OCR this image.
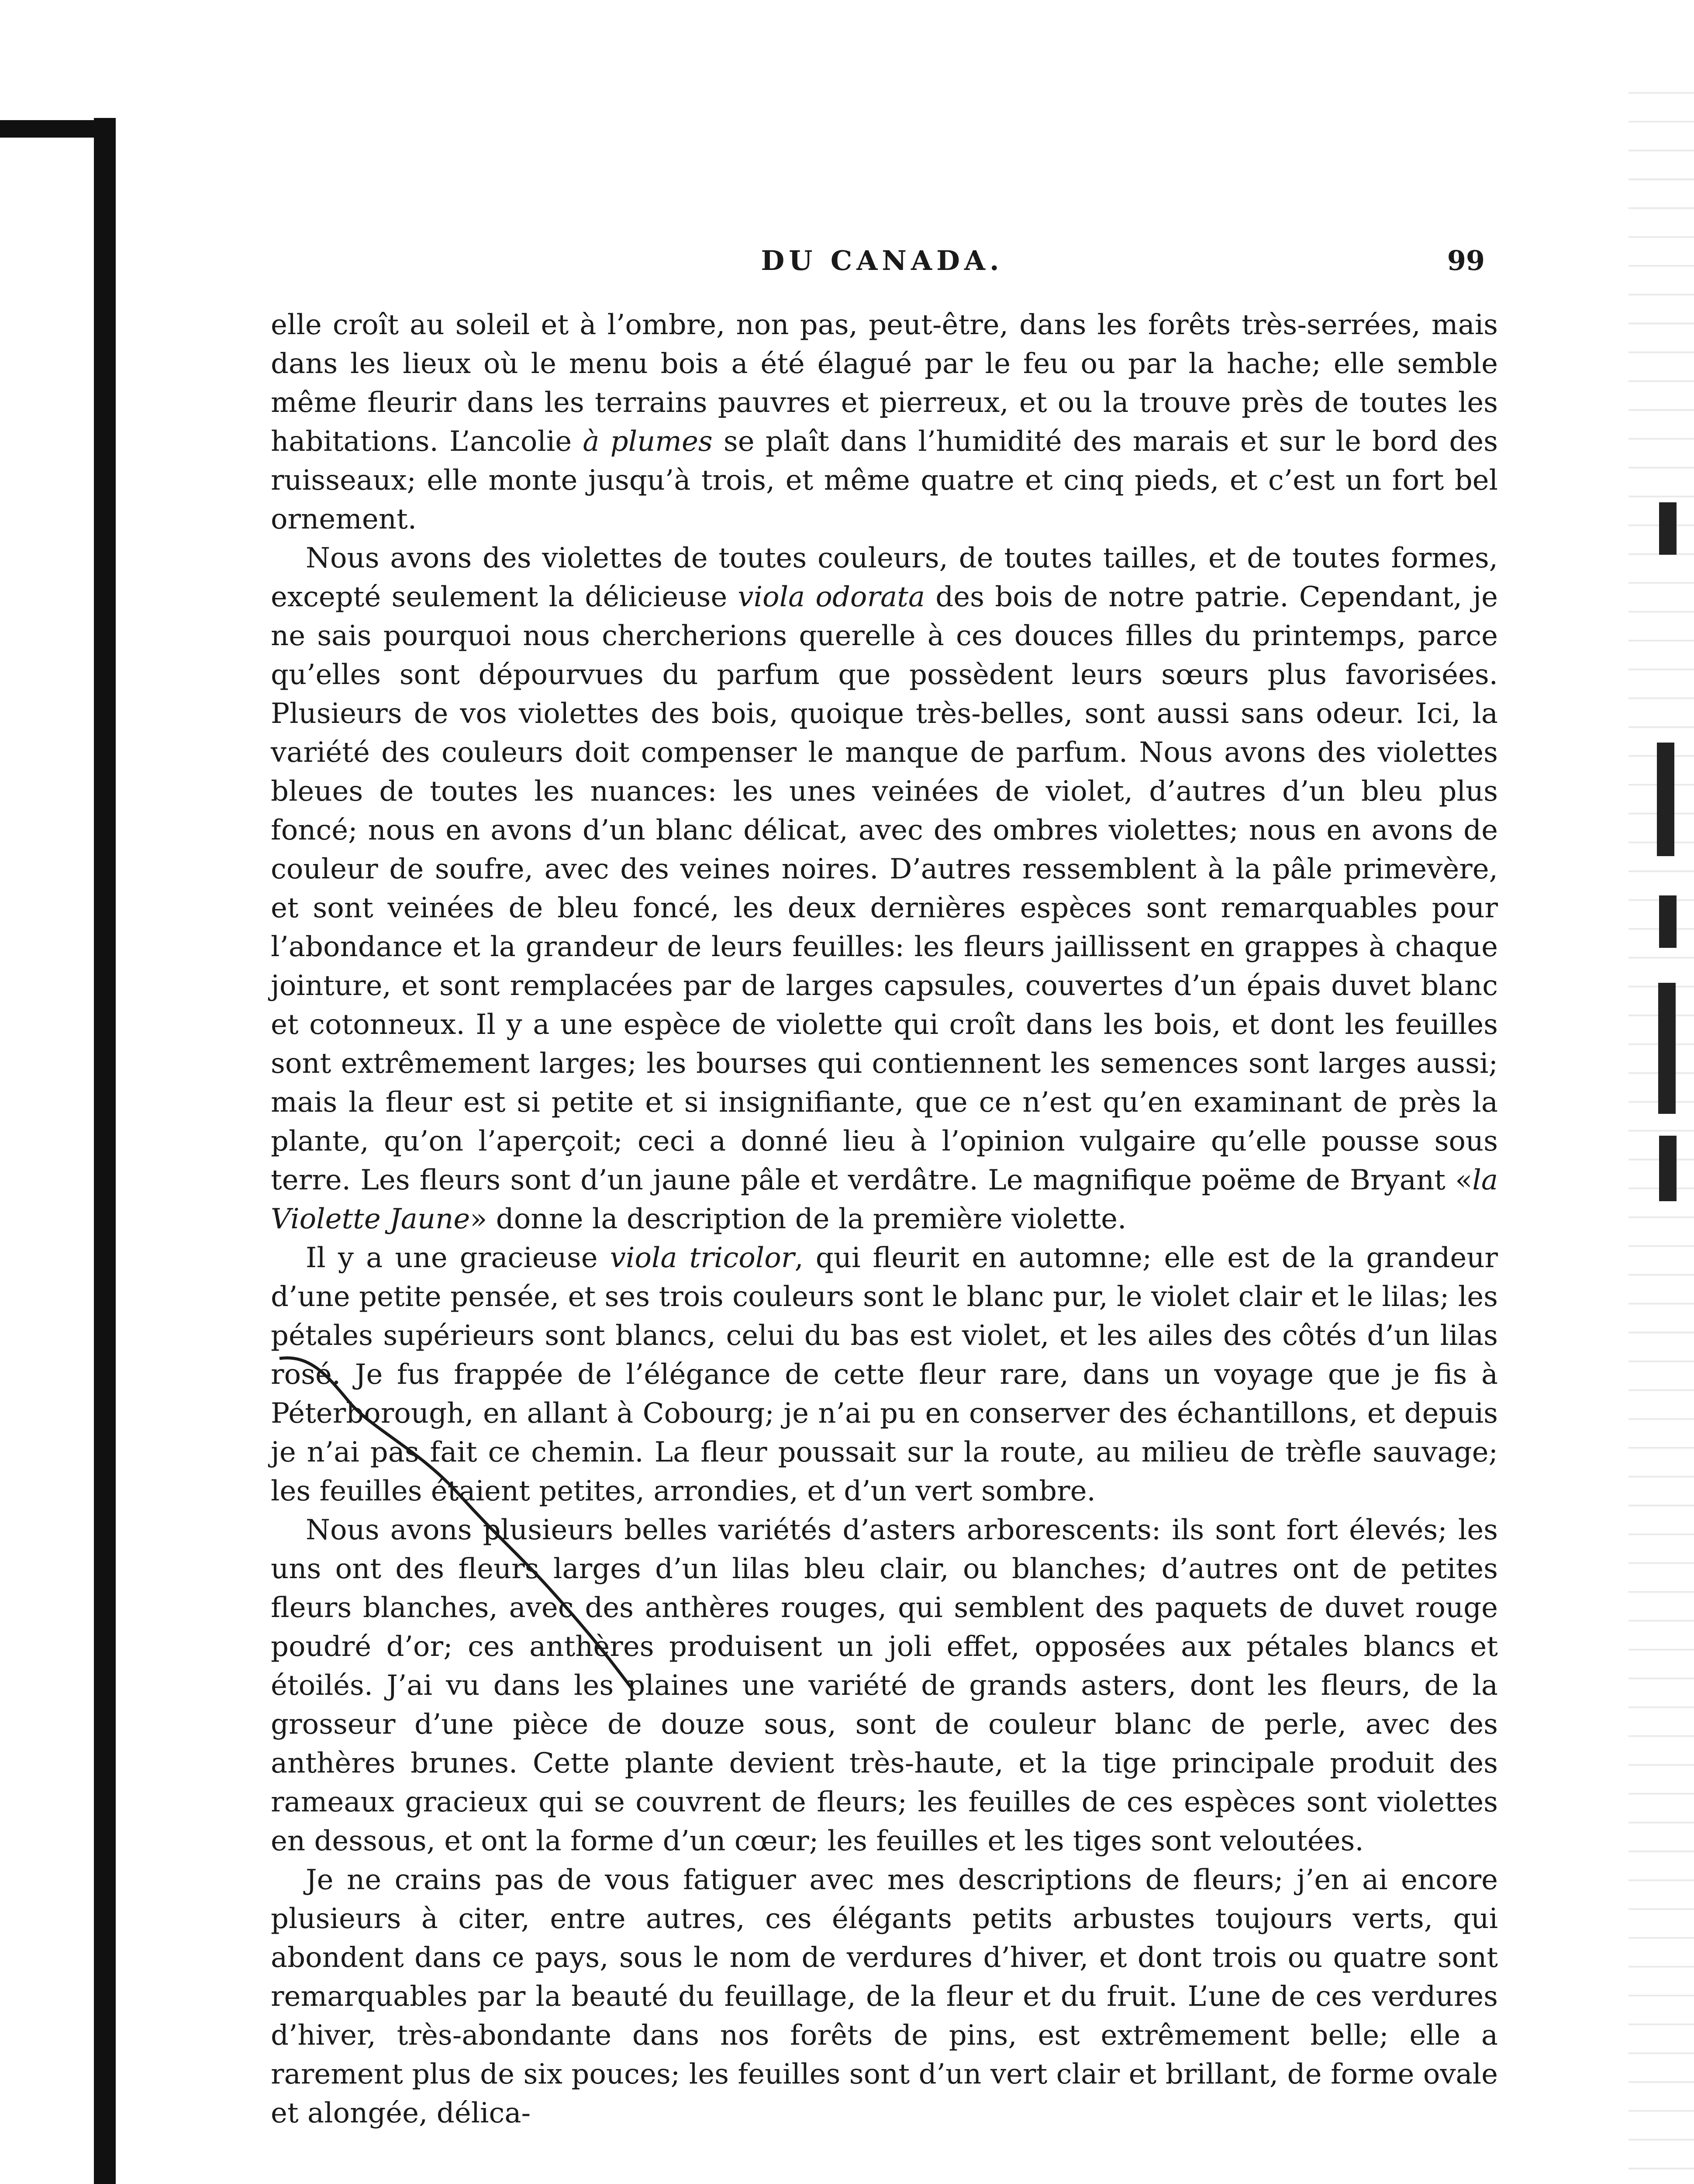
DU CANADA.	99

elle croît au soleil et à l’ombre, non pas, peut-être, dans les forêts très-serrées, mais dans les lieux où le menu bois a été élagué par le feu ou par la hache; elle semble même fleurir dans les terrains pauvres et pierreux, et ou la trouve près de toutes les habitations. L’ancolie à plumes se plaît dans l’humidité des marais et sur le bord des ruisseaux; elle monte jusqu’à trois, et même quatre et cinq pieds, et c’est un fort bel ornement.

Nous avons des violettes de toutes couleurs, de toutes tailles, et de toutes formes, excepté seulement la délicieuse viola odorata des bois de notre patrie. Cependant, je ne sais pourquoi nous chercherions querelle à ces douces filles du printemps, parce qu’elles sont dépourvues du parfum que possèdent leurs sœurs plus favorisées. Plusieurs de vos violettes des bois, quoique très-belles, sont aussi sans odeur. Ici, la variété des couleurs doit compenser le manque de parfum. Nous avons des violettes bleues de toutes les nuances: les unes veinées de violet, d’autres d’un bleu plus foncé; nous en avons d’un blanc délicat, avec des ombres violettes; nous en avons de couleur de soufre, avec des veines noires. D’autres ressemblent à la pâle primevère, et sont veinées de bleu foncé, les deux dernières espèces sont remarquables pour l’abondance et la grandeur de leurs feuilles: les fleurs jaillissent en grappes à chaque jointure, et sont remplacées par de larges capsules, couvertes d’un épais duvet blanc et cotonneux. Il y a une espèce de violette qui croît dans les bois, et dont les feuilles sont extrêmement larges; les bourses qui contiennent les semences sont larges aussi; mais la fleur est si petite et si insignifiante, que ce n’est qu’en examinant de près la plante, qu’on l’aperçoit; ceci a donné lieu à l’opinion vulgaire qu’elle pousse sous terre. Les fleurs sont d’un jaune pâle et verdâtre. Le magnifique poëme de Bryant «la Violette Jaune» donne la description de la première violette.

Il y a une gracieuse viola tricolor, qui fleurit en automne; elle est de la grandeur d’une petite pensée, et ses trois couleurs sont le blanc pur, le violet clair et le lilas; les pétales supérieurs sont blancs, celui du bas est violet, et les ailes des côtés d’un lilas rosé. Je fus frappée de l’élégance de cette fleur rare, dans un voyage que je fis à Péterborough, en allant à Cobourg; je n’ai pu en conserver des échantillons, et depuis je n’ai pas fait ce chemin. La fleur poussait sur la route, au milieu de trèfle sauvage; les feuilles étaient petites, arrondies, et d’un vert sombre.

Nous avons plusieurs belles variétés d’asters arborescents: ils sont fort élevés; les uns ont des fleurs larges d’un lilas bleu clair, ou blanches; d’autres ont de petites fleurs blanches, avec des anthères rouges, qui semblent des paquets de duvet rouge poudré d’or; ces anthères produisent un joli effet, opposées aux pétales blancs et étoilés. J’ai vu dans les plaines une variété de grands asters, dont les fleurs, de la grosseur d’une pièce de douze sous, sont de couleur blanc de perle, avec des anthères brunes. Cette plante devient très-haute, et la tige principale produit des rameaux gracieux qui se couvrent de fleurs; les feuilles de ces espèces sont violettes en dessous, et ont la forme d’un cœur; les feuilles et les tiges sont veloutées.

Je ne crains pas de vous fatiguer avec mes descriptions de fleurs; j’en ai encore plusieurs à citer, entre autres, ces élégants petits arbustes toujours verts, qui abondent dans ce pays, sous le nom de verdures d’hiver, et dont trois ou quatre sont remarquables par la beauté du feuillage, de la fleur et du fruit. L’une de ces verdures d’hiver, très-abondante dans nos forêts de pins, est extrêmement belle; elle a rarement plus de six pouces; les feuilles sont d’un vert clair et brillant, de forme ovale et alongée, délica-
